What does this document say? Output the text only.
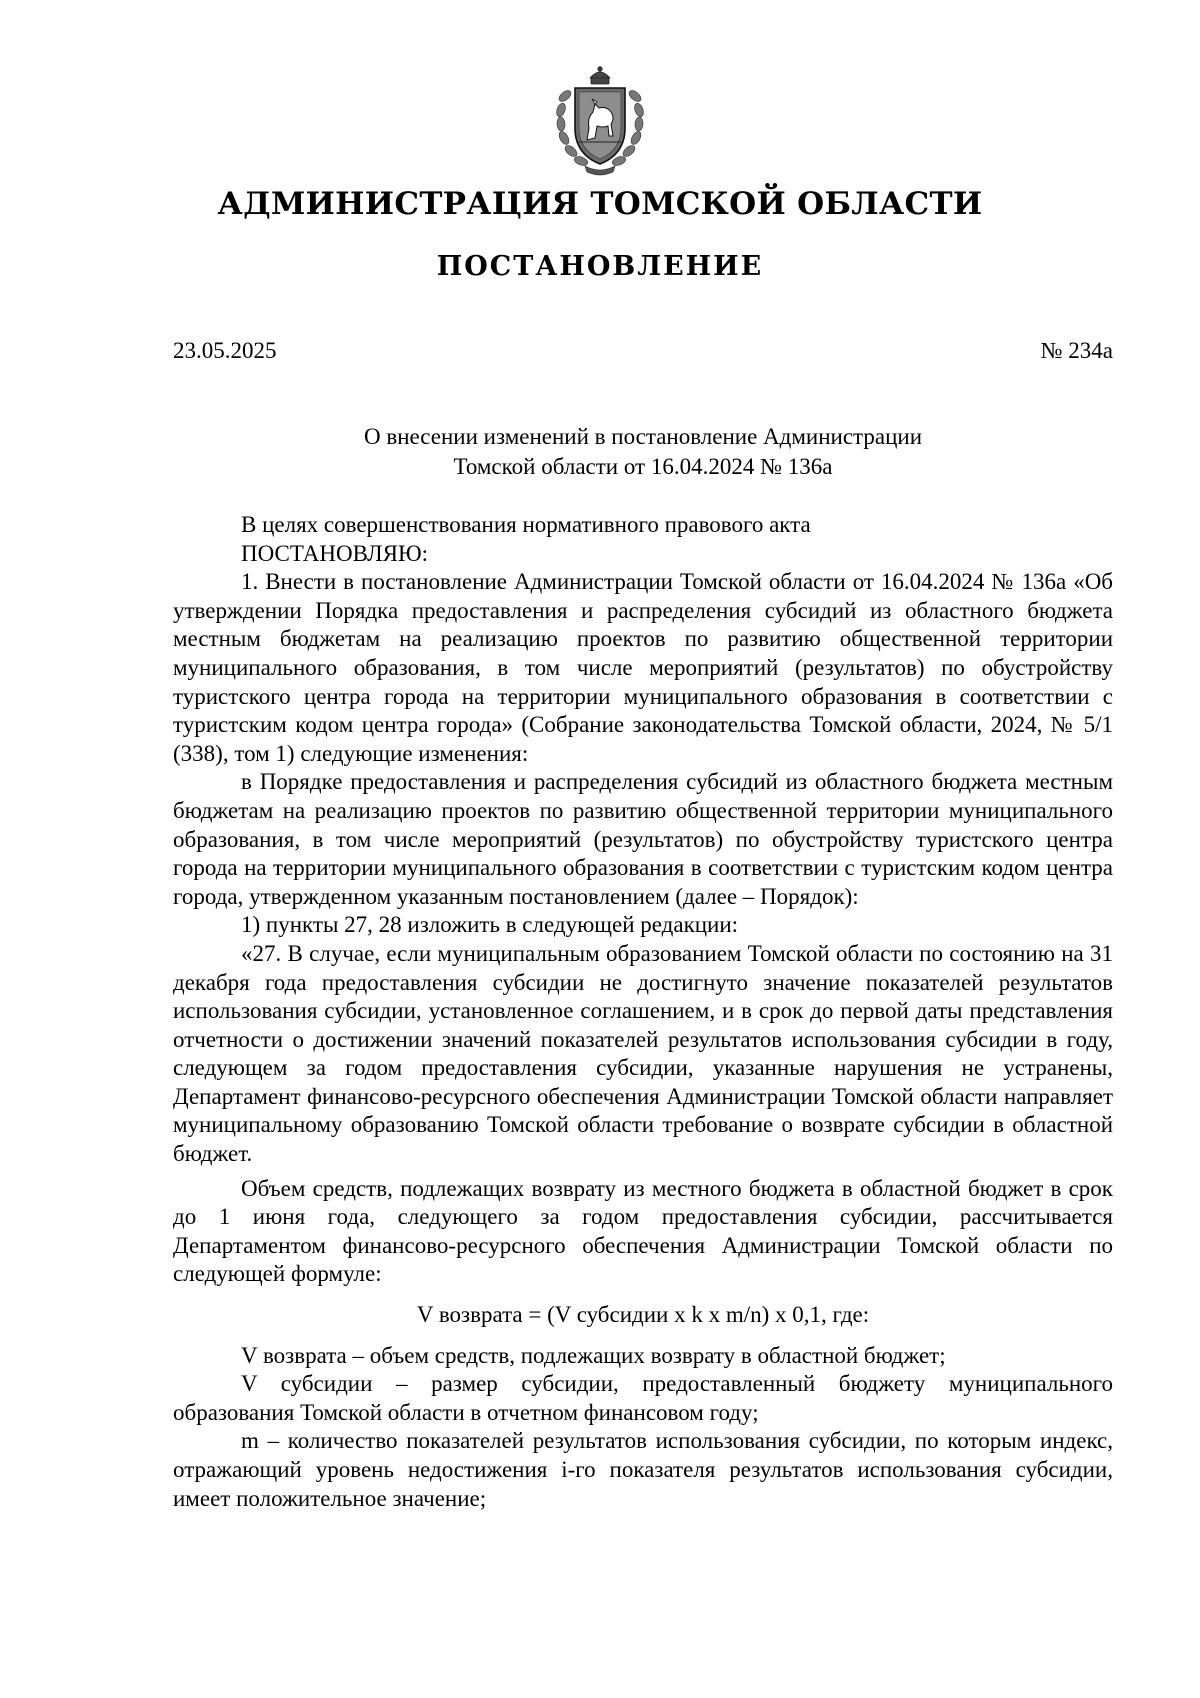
АДМИНИСТРАЦИЯ ТОМСКОЙ ОБЛАСТИ
ПОСТАНОВЛЕНИЕ
23.05.2025	№ 234а
О внесении изменений в постановление Администрации
Томской области от 16.04.2024 № 136а

В целях совершенствования нормативного правового акта

ПОСТАНОВЛЯЮ:

1. Внести в постановление Администрации Томской области от 16.04.2024 № 136а «Об утверждении Порядка предоставления и распределения субсидий из областного бюджета местным бюджетам на реализацию проектов по развитию общественной территории муниципального образования, в том числе мероприятий (результатов) по обустройству туристского центра города на территории муниципального образования в соответствии с туристским кодом центра города» (Собрание законодательства Томской области, 2024, № 5/1 (338), том 1) следующие изменения:

в Порядке предоставления и распределения субсидий из областного бюджета местным бюджетам на реализацию проектов по развитию общественной территории муниципального образования, в том числе мероприятий (результатов) по обустройству туристского центра города на территории муниципального образования в соответствии с туристским кодом центра города, утвержденном указанным постановлением (далее – Порядок):

1) пункты 27, 28 изложить в следующей редакции:

«27. В случае, если муниципальным образованием Томской области по состоянию на 31 декабря года предоставления субсидии не достигнуто значение показателей результатов использования субсидии, установленное соглашением, и в срок до первой даты представления отчетности о достижении значений показателей результатов использования субсидии в году, следующем за годом предоставления субсидии, указанные нарушения не устранены, Департамент финансово-ресурсного обеспечения Администрации Томской области направляет муниципальному образованию Томской области требование о возврате субсидии в областной бюджет.

Объем средств, подлежащих возврату из местного бюджета в областной бюджет в срок до 1 июня года, следующего за годом предоставления субсидии, рассчитывается Департаментом финансово-ресурсного обеспечения Администрации Томской области по следующей формуле:

V возврата = (V субсидии x k x m/n) x 0,1, где:

V возврата – объем средств, подлежащих возврату в областной бюджет;

V субсидии – размер субсидии, предоставленный бюджету муниципального образования Томской области в отчетном финансовом году;

m – количество показателей результатов использования субсидии, по которым индекс, отражающий уровень недостижения i-го показателя результатов использования субсидии, имеет положительное значение;
